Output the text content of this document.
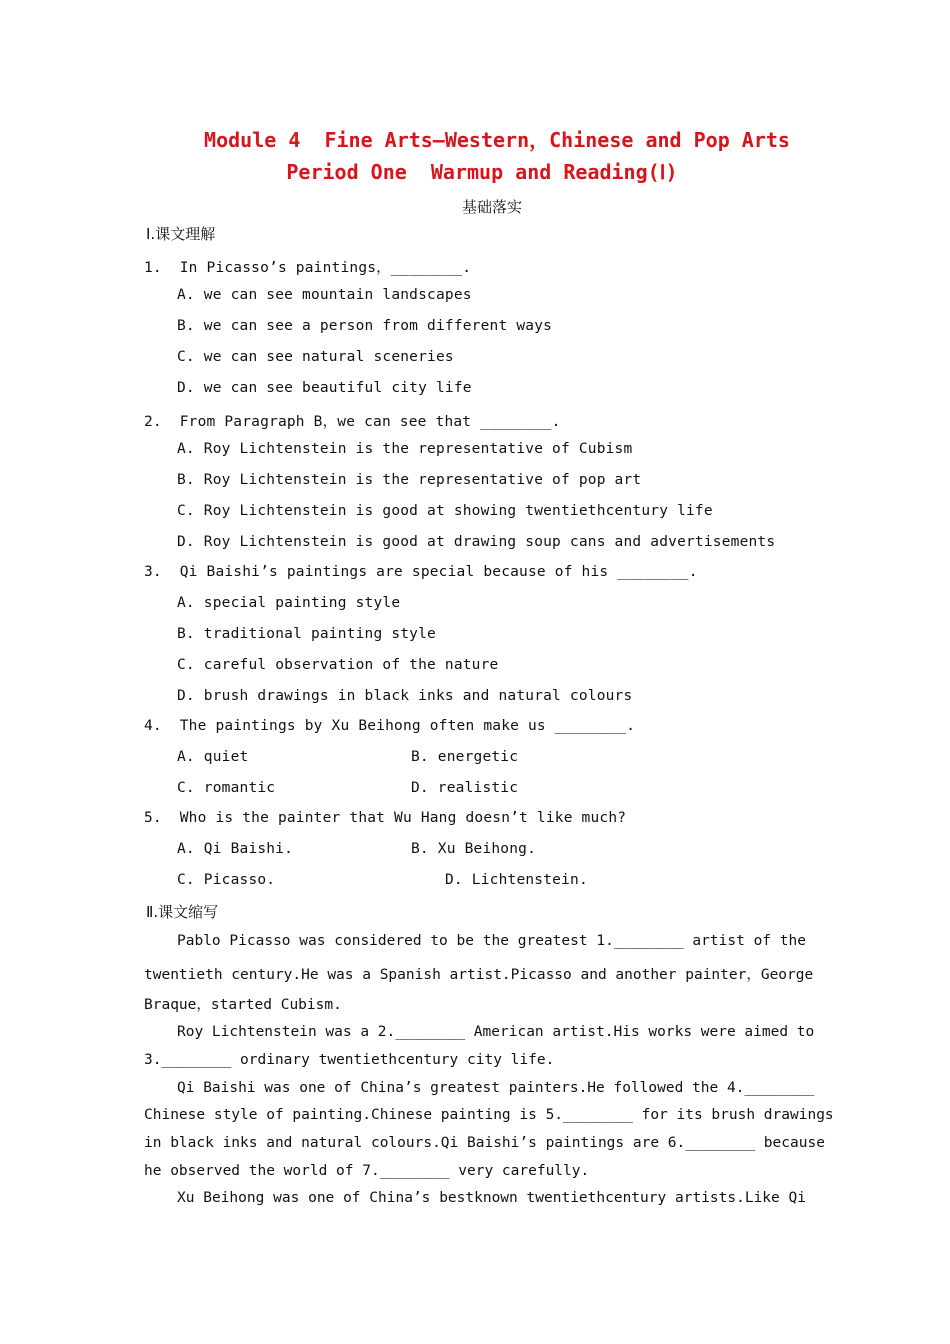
Module 4  Fine Arts—Western，Chinese and Pop Arts
Period One  Warmup and Reading(Ⅰ)
基础落实
Ⅰ.课文理解
1.  In Picasso’s paintings，________.
A. we can see mountain landscapes
B. we can see a person from different ways
C. we can see natural sceneries
D. we can see beautiful city life
2.  From Paragraph B，we can see that ________.
A. Roy Lichtenstein is the representative of Cubism
B. Roy Lichtenstein is the representative of pop art
C. Roy Lichtenstein is good at showing twentiethcentury life
D. Roy Lichtenstein is good at drawing soup cans and advertisements
3.  Qi Baishi’s paintings are special because of his ________.
A. special painting style
B. traditional painting style
C. careful observation of the nature
D. brush drawings in black inks and natural colours
4.  The paintings by Xu Beihong often make us ________.
A. quiet	B. energetic
C. romantic	D. realistic
5.  Who is the painter that Wu Hang doesn’t like much?
A. Qi Baishi.	B. Xu Beihong.
C. Picasso.	D. Lichtenstein.
Ⅱ.课文缩写
Pablo Picasso was considered to be the greatest 1.________ artist of the
twentieth century.He was a Spanish artist.Picasso and another painter，George
Braque，started Cubism.
Roy Lichtenstein was a 2.________ American artist.His works were aimed to
3.________ ordinary twentiethcentury city life.
Qi Baishi was one of China’s greatest painters.He followed the 4.________
Chinese style of painting.Chinese painting is 5.________ for its brush drawings
in black inks and natural colours.Qi Baishi’s paintings are 6.________ because
he observed the world of 7.________ very carefully.
Xu Beihong was one of China’s bestknown twentiethcentury artists.Like Qi
